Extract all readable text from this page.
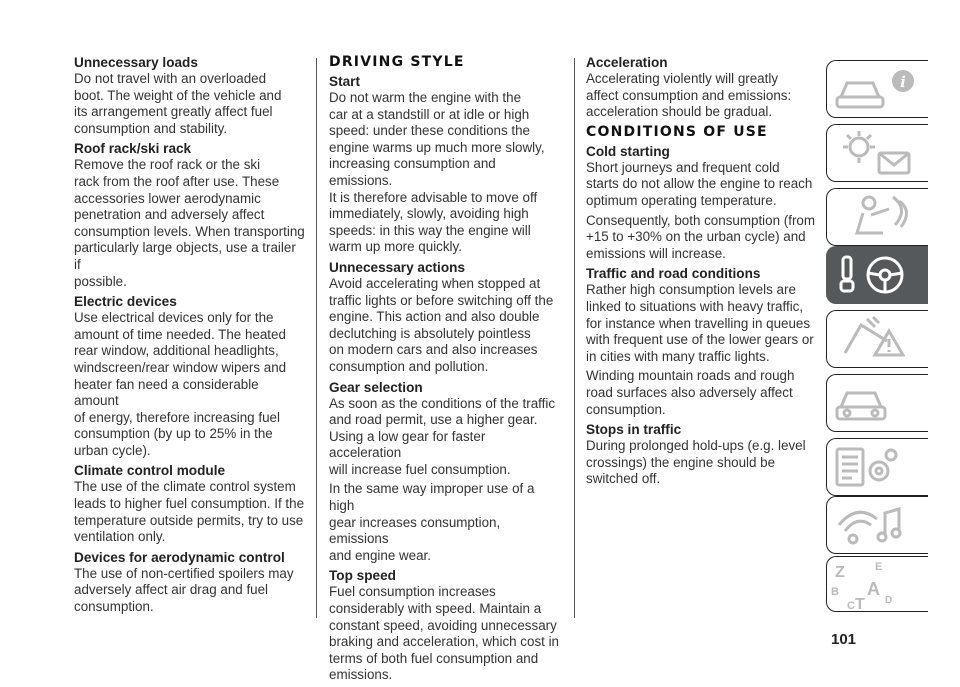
Unnecessary loads

Do not travel with an overloaded
boot. The weight of the vehicle and
its arrangement greatly affect fuel
consumption and stability.

Roof rack/ski rack

Remove the roof rack or the ski
rack from the roof after use. These
accessories lower aerodynamic
penetration and adversely affect
consumption levels. When transporting
particularly large objects, use a trailer if
possible.

Electric devices

Use electrical devices only for the
amount of time needed. The heated
rear window, additional headlights,
windscreen/rear window wipers and
heater fan need a considerable amount
of energy, therefore increasing fuel
consumption (by up to 25% in the
urban cycle).

Climate control module

The use of the climate control system
leads to higher fuel consumption. If the
temperature outside permits, try to use
ventilation only.

Devices for aerodynamic control

The use of non-certified spoilers may
adversely affect air drag and fuel
consumption.

DRIVING STYLE
Start

Do not warm the engine with the
car at a standstill or at idle or high
speed: under these conditions the
engine warms up much more slowly,
increasing consumption and emissions.
It is therefore advisable to move off
immediately, slowly, avoiding high
speeds: in this way the engine will
warm up more quickly.

Unnecessary actions

Avoid accelerating when stopped at
traffic lights or before switching off the
engine. This action and also double
declutching is absolutely pointless
on modern cars and also increases
consumption and pollution.

Gear selection

As soon as the conditions of the traffic
and road permit, use a higher gear.
Using a low gear for faster acceleration
will increase fuel consumption.

In the same way improper use of a high
gear increases consumption, emissions
and engine wear.

Top speed

Fuel consumption increases
considerably with speed. Maintain a
constant speed, avoiding unnecessary
braking and acceleration, which cost in
terms of both fuel consumption and
emissions.

Acceleration

Accelerating violently will greatly
affect consumption and emissions:
acceleration should be gradual.

CONDITIONS OF USE
Cold starting

Short journeys and frequent cold
starts do not allow the engine to reach
optimum operating temperature.

Consequently, both consumption (from
+15 to +30% on the urban cycle) and
emissions will increase.

Traffic and road conditions

Rather high consumption levels are
linked to situations with heavy traffic,
for instance when travelling in queues
with frequent use of the lower gears or
in cities with many traffic lights.

Winding mountain roads and rough
road surfaces also adversely affect
consumption.

Stops in traffic

During prolonged hold-ups (e.g. level
crossings) the engine should be
switched off.

i
Z	E
B A
C T D
101
